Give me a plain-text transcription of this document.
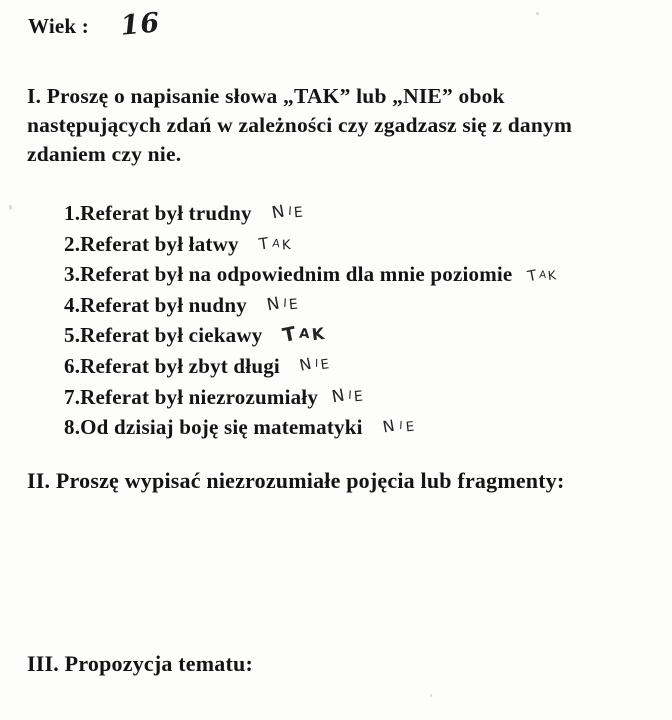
Wiek : 16
I. Proszę o napisanie słowa „TAK” lub „NIE” obok
następujących zdań w zależności czy zgadzasz się z danym
zdaniem czy nie.
1.Referat był trudny NIE
2.Referat był łatwy TAK
3.Referat był na odpowiednim dla mnie poziomie TAK
4.Referat był nudny NIE
5.Referat był ciekawy TAK
6.Referat był zbyt długi NIE
7.Referat był niezrozumiały NIE
8.Od dzisiaj boję się matematyki NIE
II. Proszę wypisać niezrozumiałe pojęcia lub fragmenty:
III. Propozycja tematu:
